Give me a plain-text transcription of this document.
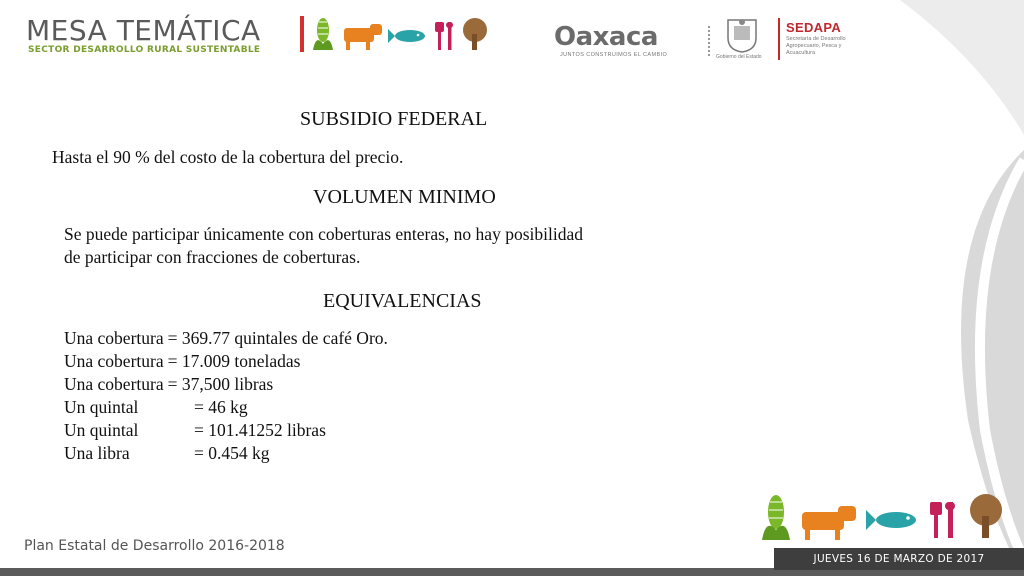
MESA TEMÁTICA
SECTOR DESARROLLO RURAL SUSTENTABLE	Oaxaca
JUNTOS CONSTRUIMOS EL CAMBIO	Gobierno del Estado
SEDAPA
Secretaría de Desarrollo Agropecuario, Pesca y Acuacultura
SUBSIDIO FEDERAL

Hasta el 90 % del costo de la cobertura del precio.

VOLUMEN MINIMO

Se puede participar únicamente con coberturas enteras, no hay posibilidad

de participar con fracciones de coberturas.

EQUIVALENCIAS
Una cobertura = 369.77 quintales de café Oro.
Una cobertura = 17.009 toneladas
Una cobertura = 37,500 libras
Un quintal	= 46 kg
Un quintal	= 101.41252 libras
Una libra	= 0.454 kg
Plan Estatal de Desarrollo 2016-2018
JUEVES 16 DE MARZO DE 2017
